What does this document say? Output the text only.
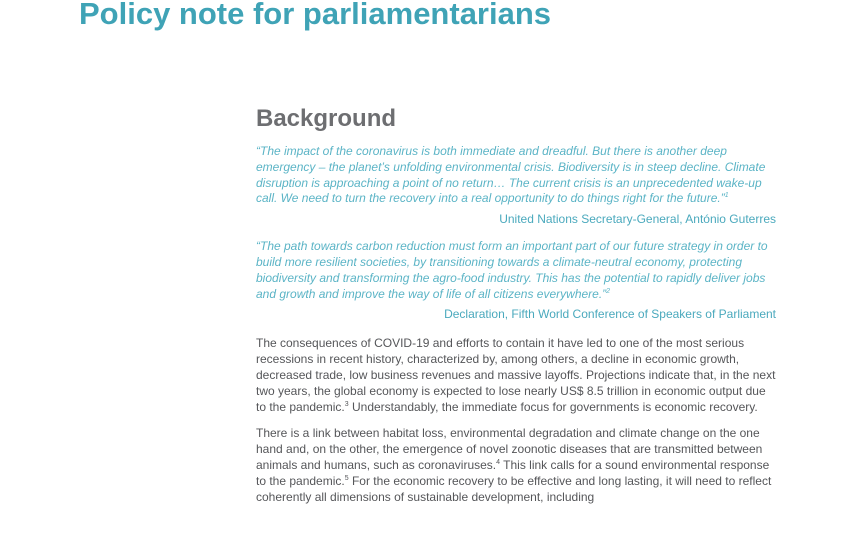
Policy note for parliamentarians
Background

“The impact of the coronavirus is both immediate and dreadful. But there is another deep emergency – the planet’s unfolding environmental crisis. Biodiversity is in steep decline. Climate disruption is approaching a point of no return… The current crisis is an unprecedented wake-up call. We need to turn the recovery into a real opportunity to do things right for the future.”$^1$

United Nations Secretary-General, António Guterres

“The path towards carbon reduction must form an important part of our future strategy in order to build more resilient societies, by transitioning towards a climate-neutral economy, protecting biodiversity and transforming the agro-food industry. This has the potential to rapidly deliver jobs and growth and improve the way of life of all citizens everywhere.”$^2$

Declaration, Fifth World Conference of Speakers of Parliament

The consequences of COVID-19 and efforts to contain it have led to one of the most serious recessions in recent history, characterized by, among others, a decline in economic growth, decreased trade, low business revenues and massive layoffs. Projections indicate that, in the next two years, the global economy is expected to lose nearly US$ 8.5 trillion in economic output due to the pandemic.$^3$ Understandably, the immediate focus for governments is economic recovery.

There is a link between habitat loss, environmental degradation and climate change on the one hand and, on the other, the emergence of novel zoonotic diseases that are transmitted between animals and humans, such as coronaviruses.$^4$ This link calls for a sound environmental response to the pandemic.$^5$ For the economic recovery to be effective and long lasting, it will need to reflect coherently all dimensions of sustainable development, including
